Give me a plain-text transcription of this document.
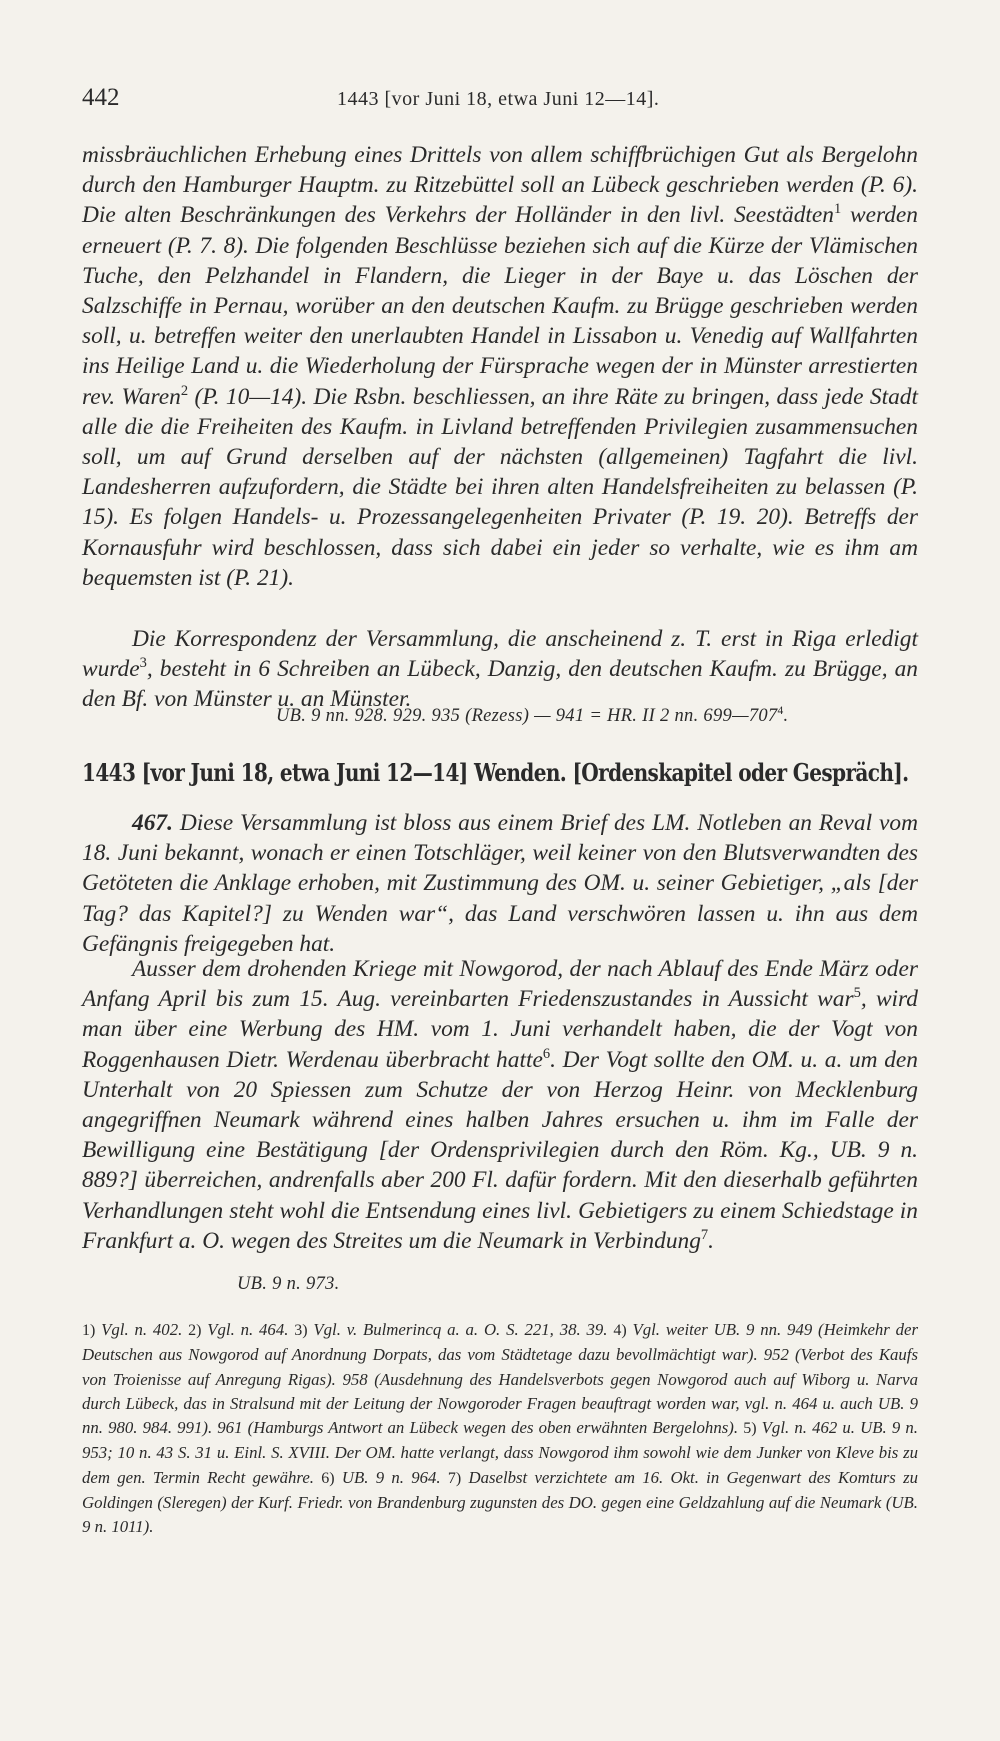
442	1443 [vor Juni 18, etwa Juni 12—14].

missbräuchlichen Erhebung eines Drittels von allem schiffbrüchigen Gut als Bergelohn durch den Hamburger Hauptm. zu Ritzebüttel soll an Lübeck geschrieben werden (P. 6). Die alten Beschränkungen des Verkehrs der Holländer in den livl. Seestädten$^1$ werden erneuert (P. 7. 8). Die folgenden Beschlüsse beziehen sich auf die Kürze der Vlämischen Tuche, den Pelzhandel in Flandern, die Lieger in der Baye u. das Löschen der Salzschiffe in Pernau, worüber an den deutschen Kaufm. zu Brügge geschrieben werden soll, u. betreffen weiter den unerlaubten Handel in Lissabon u. Venedig auf Wallfahrten ins Heilige Land u. die Wiederholung der Fürsprache wegen der in Münster arrestierten rev. Waren$^2$ (P. 10—14). Die Rsbn. beschliessen, an ihre Räte zu bringen, dass jede Stadt alle die die Freiheiten des Kaufm. in Livland betreffenden Privilegien zusammensuchen soll, um auf Grund derselben auf der nächsten (allgemeinen) Tagfahrt die livl. Landesherren aufzufordern, die Städte bei ihren alten Handelsfreiheiten zu belassen (P. 15). Es folgen Handels- u. Prozessangelegenheiten Privater (P. 19. 20). Betreffs der Kornausfuhr wird beschlossen, dass sich dabei ein jeder so verhalte, wie es ihm am bequemsten ist (P. 21).

Die Korrespondenz der Versammlung, die anscheinend z. T. erst in Riga erledigt wurde$^3$, besteht in 6 Schreiben an Lübeck, Danzig, den deutschen Kaufm. zu Brügge, an den Bf. von Münster u. an Münster.

UB. 9 nn. 928. 929. 935 (Rezess) — 941 = HR. II 2 nn. $699—707^4$.
1443 [vor Juni 18, etwa Juni 12—14] Wenden. [Ordenskapitel oder Gespräch].

467. Diese Versammlung ist bloss aus einem Brief des LM. Notleben an Reval vom 18. Juni bekannt, wonach er einen Totschläger, weil keiner von den Blutsverwandten des Getöteten die Anklage erhoben, mit Zustimmung des OM. u. seiner Gebietiger, „als [der Tag? das Kapitel?] zu Wenden war“, das Land verschwören lassen u. ihn aus dem Gefängnis freigegeben hat.

Ausser dem drohenden Kriege mit Nowgorod, der nach Ablauf des Ende März oder Anfang April bis zum 15. Aug. vereinbarten Friedenszustandes in Aussicht war$^5$, wird man über eine Werbung des HM. vom 1. Juni verhandelt haben, die der Vogt von Roggenhausen Dietr. Werdenau überbracht hatte$^6$. Der Vogt sollte den OM. u. a. um den Unterhalt von 20 Spiessen zum Schutze der von Herzog Heinr. von Mecklenburg angegriffnen Neumark während eines halben Jahres ersuchen u. ihm im Falle der Bewilligung eine Bestätigung [der Ordensprivilegien durch den Röm. Kg., UB. 9 n. 889?] überreichen, andrenfalls aber 200 Fl. dafür fordern. Mit den dieserhalb geführten Verhandlungen steht wohl die Entsendung eines livl. Gebietigers zu einem Schiedstage in Frankfurt a. O. wegen des Streites um die Neumark in Verbindung$^7$.

UB. 9 n. 973.

1) Vgl. n. 402. 2) Vgl. n. 464. 3) Vgl. v. Bulmerincq a. a. O. S. 221, 38. 39. 4) Vgl. weiter UB. 9 nn. 949 (Heimkehr der Deutschen aus Nowgorod auf Anordnung Dorpats, das vom Städtetage dazu bevollmächtigt war). 952 (Verbot des Kaufs von Troienisse auf Anregung Rigas). 958 (Ausdehnung des Handelsverbots gegen Nowgorod auch auf Wiborg u. Narva durch Lübeck, das in Stralsund mit der Leitung der Nowgoroder Fragen beauftragt worden war, vgl. n. 464 u. auch UB. 9 nn. 980. 984. 991). 961 (Hamburgs Antwort an Lübeck wegen des oben erwähnten Bergelohns). 5) Vgl. n. 462 u. UB. 9 n. 953; 10 n. 43 S. 31 u. Einl. S. XVIII. Der OM. hatte verlangt, dass Nowgorod ihm sowohl wie dem Junker von Kleve bis zu dem gen. Termin Recht gewähre. 6) UB. 9 n. 964. 7) Daselbst verzichtete am 16. Okt. in Gegenwart des Komturs zu Goldingen (Sleregen) der Kurf. Friedr. von Brandenburg zugunsten des DO. gegen eine Geldzahlung auf die Neumark (UB. 9 n. 1011).
